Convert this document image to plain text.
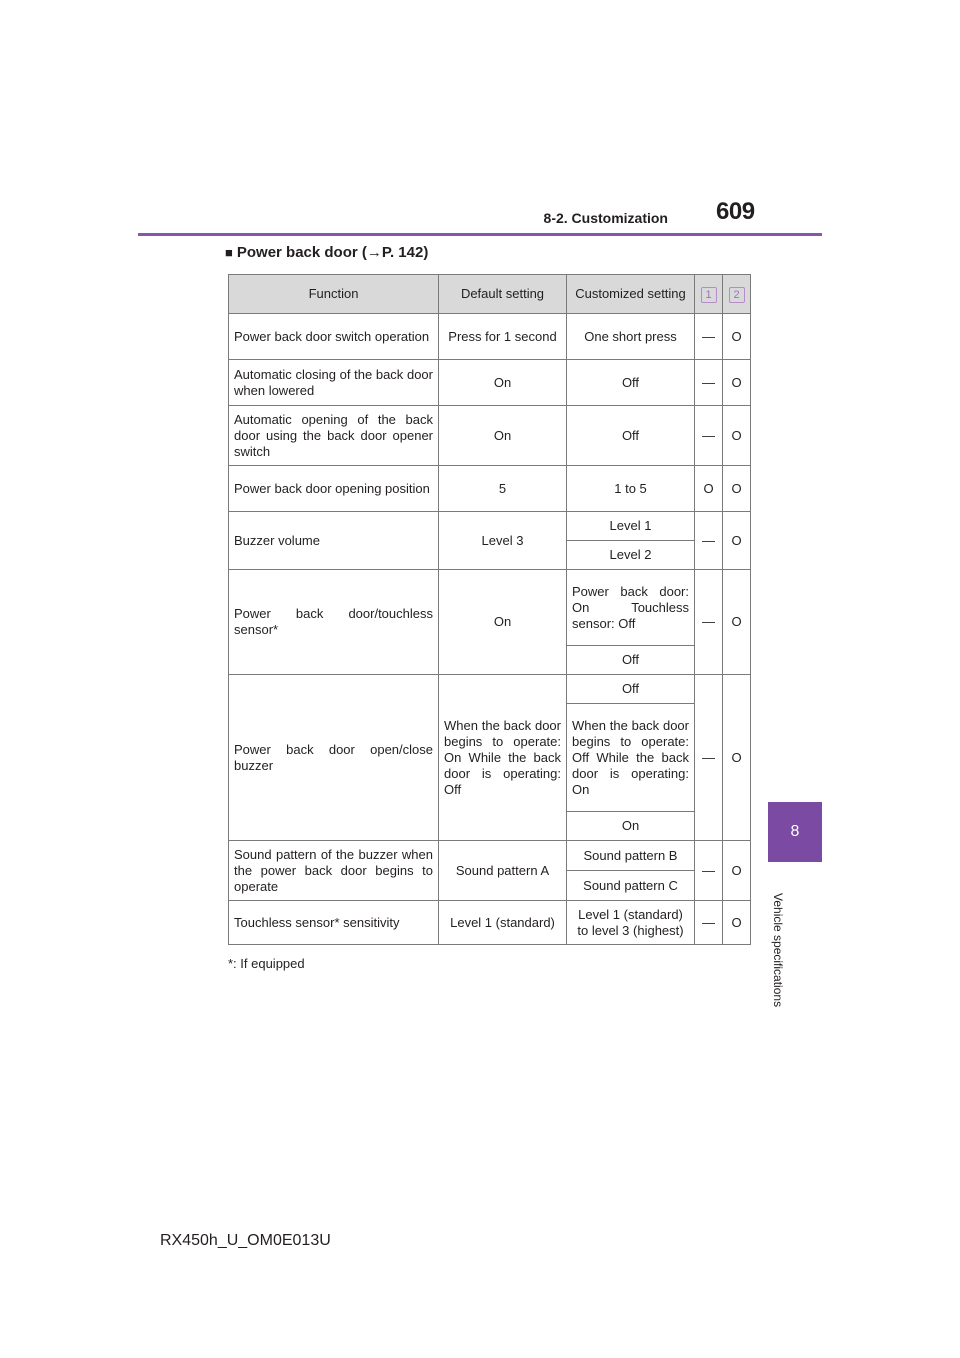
8-2. Customization 609
8
Vehicle specifications
■ Power back door (→P. 142)
Function	Default setting	Customized setting	1	2
Power back door switch operation	Press for 1 second	One short press	—	O
Automatic closing of the back door when lowered	On	Off	—	O
Automatic opening of the back door using the back door opener switch	On	Off	—	O
Power back door opening position	5	1 to 5	O	O
Buzzer volume	Level 3	Level 1	—	O
		Level 2		
Power back door/touchless sensor*	On	Power back door: On Touchless sensor: Off	—	O
		Off		
Power back door open/close buzzer	When the back door begins to operate: On While the back door is operating: Off	Off	—	O
		When the back door begins to operate: Off While the back door is operating: On		
		On		
Sound pattern of the buzzer when the power back door begins to operate	Sound pattern A	Sound pattern B	—	O
		Sound pattern C		
Touchless sensor* sensitivity	Level 1 (standard)	Level 1 (standard) to level 3 (highest)	—	O
*: If equipped
RX450h_U_OM0E013U
